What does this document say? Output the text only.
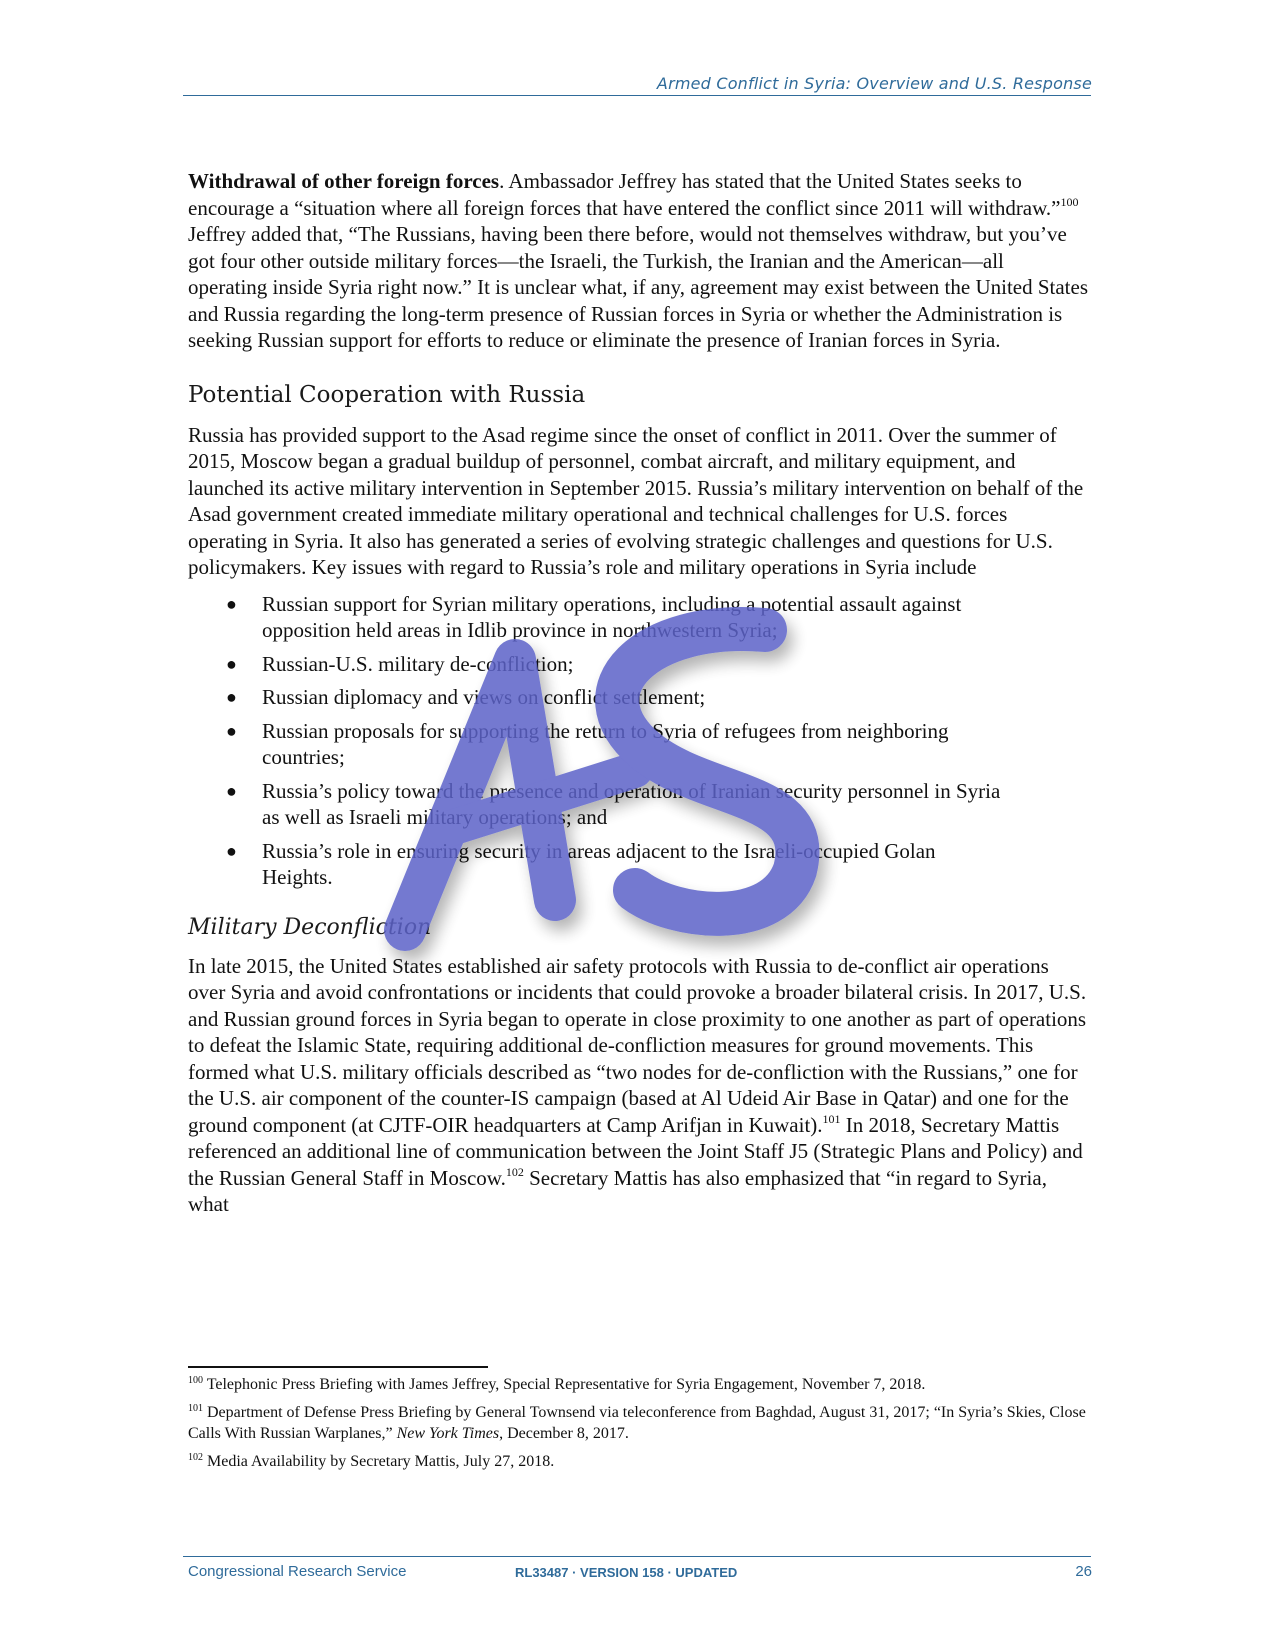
Armed Conflict in Syria: Overview and U.S. Response

Withdrawal of other foreign forces. Ambassador Jeffrey has stated that the United States seeks to encourage a “situation where all foreign forces that have entered the conflict since 2011 will withdraw.”$^{100}$ Jeffrey added that, “The Russians, having been there before, would not themselves withdraw, but you’ve got four other outside military forces—the Israeli, the Turkish, the Iranian and the American—all operating inside Syria right now.” It is unclear what, if any, agreement may exist between the United States and Russia regarding the long-term presence of Russian forces in Syria or whether the Administration is seeking Russian support for efforts to reduce or eliminate the presence of Iranian forces in Syria.

Potential Cooperation with Russia

Russia has provided support to the Asad regime since the onset of conflict in 2011. Over the summer of 2015, Moscow began a gradual buildup of personnel, combat aircraft, and military equipment, and launched its active military intervention in September 2015. Russia’s military intervention on behalf of the Asad government created immediate military operational and technical challenges for U.S. forces operating in Syria. It also has generated a series of evolving strategic challenges and questions for U.S. policymakers. Key issues with regard to Russia’s role and military operations in Syria include

● Russian support for Syrian military operations, including a potential assault against opposition held areas in Idlib province in northwestern Syria;
● Russian-U.S. military de-confliction;
● Russian diplomacy and views on conflict settlement;
● Russian proposals for supporting the return to Syria of refugees from neighboring countries;
● Russia’s policy toward the presence and operation of Iranian security personnel in Syria as well as Israeli military operations; and
● Russia’s role in ensuring security in areas adjacent to the Israeli-occupied Golan Heights.
Military Deconfliction

In late 2015, the United States established air safety protocols with Russia to de-conflict air operations over Syria and avoid confrontations or incidents that could provoke a broader bilateral crisis. In 2017, U.S. and Russian ground forces in Syria began to operate in close proximity to one another as part of operations to defeat the Islamic State, requiring additional de-confliction measures for ground movements. This formed what U.S. military officials described as “two nodes for de-confliction with the Russians,” one for the U.S. air component of the counter-IS campaign (based at Al Udeid Air Base in Qatar) and one for the ground component (at CJTF-OIR headquarters at Camp Arifjan in Kuwait).$^{101}$ In 2018, Secretary Mattis referenced an additional line of communication between the Joint Staff J5 (Strategic Plans and Policy) and the Russian General Staff in Moscow.$^{102}$ Secretary Mattis has also emphasized that “in regard to Syria, what

$^{100}$ Telephonic Press Briefing with James Jeffrey, Special Representative for Syria Engagement, November 7, 2018.

$^{101}$ Department of Defense Press Briefing by General Townsend via teleconference from Baghdad, August 31, 2017; “In Syria’s Skies, Close Calls With Russian Warplanes,” New York Times, December 8, 2017.

$^{102}$ Media Availability by Secretary Mattis, July 27, 2018.

Congressional Research Service	RL33487 · VERSION 158 · UPDATED	26
